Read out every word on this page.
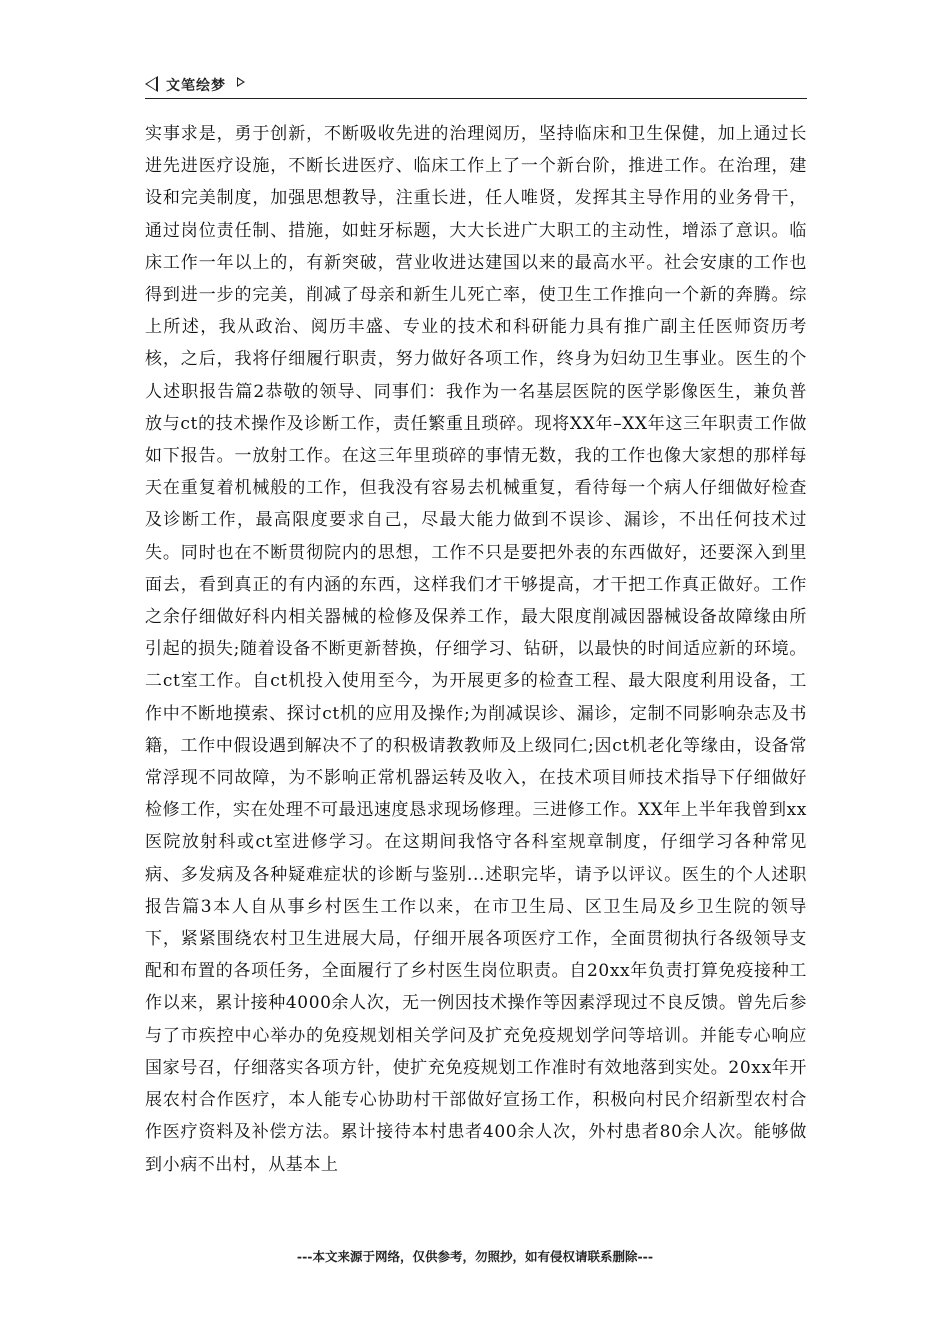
文笔绘梦

实事求是，勇于创新，不断吸收先进的治理阅历，坚持临床和卫生保健，加上通过长进先进医疗设施，不断长进医疗、临床工作上了一个新台阶，推进工作。在治理，建设和完美制度，加强思想教导，注重长进，任人唯贤，发挥其主导作用的业务骨干，通过岗位责任制、措施，如蛀牙标题，大大长进广大职工的主动性，增添了意识。临床工作一年以上的，有新突破，营业收进达建国以来的最高水平。社会安康的工作也得到进一步的完美，削减了母亲和新生儿死亡率，使卫生工作推向一个新的奔腾。综上所述，我从政治、阅历丰盛、专业的技术和科研能力具有推广副主任医师资历考核，之后，我将仔细履行职责，努力做好各项工作，终身为妇幼卫生事业。医生的个人述职报告篇2恭敬的领导、同事们：我作为一名基层医院的医学影像医生，兼负普放与ct的技术操作及诊断工作，责任繁重且琐碎。现将XX年–XX年这三年职责工作做如下报告。一放射工作。在这三年里琐碎的事情无数，我的工作也像大家想的那样每天在重复着机械般的工作，但我没有容易去机械重复，看待每一个病人仔细做好检查及诊断工作，最高限度要求自己，尽最大能力做到不误诊、漏诊，不出任何技术过失。同时也在不断贯彻院内的思想，工作不只是要把外表的东西做好，还要深入到里面去，看到真正的有内涵的东西，这样我们才干够提高，才干把工作真正做好。工作之余仔细做好科内相关器械的检修及保养工作，最大限度削减因器械设备故障缘由所引起的损失;随着设备不断更新替换，仔细学习、钻研，以最快的时间适应新的环境。二ct室工作。自ct机投入使用至今，为开展更多的检查工程、最大限度利用设备，工作中不断地摸索、探讨ct机的应用及操作;为削减误诊、漏诊，定制不同影响杂志及书籍，工作中假设遇到解决不了的积极请教教师及上级同仁;因ct机老化等缘由，设备常常浮现不同故障，为不影响正常机器运转及收入，在技术项目师技术指导下仔细做好检修工作，实在处理不可最迅速度恳求现场修理。三进修工作。XX年上半年我曾到xx医院放射科或ct室进修学习。在这期间我恪守各科室规章制度，仔细学习各种常见病、多发病及各种疑难症状的诊断与鉴别...述职完毕，请予以评议。医生的个人述职报告篇3本人自从事乡村医生工作以来，在市卫生局、区卫生局及乡卫生院的领导下，紧紧围绕农村卫生进展大局，仔细开展各项医疗工作，全面贯彻执行各级领导支配和布置的各项任务，全面履行了乡村医生岗位职责。自20xx年负责打算免疫接种工作以来，累计接种4000余人次，无一例因技术操作等因素浮现过不良反馈。曾先后参与了市疾控中心举办的免疫规划相关学问及扩充免疫规划学问等培训。并能专心响应国家号召，仔细落实各项方针，使扩充免疫规划工作准时有效地落到实处。20xx年开展农村合作医疗，本人能专心协助村干部做好宣扬工作，积极向村民介绍新型农村合作医疗资料及补偿方法。累计接待本村患者400余人次，外村患者80余人次。能够做到小病不出村，从基本上

---本文来源于网络，仅供参考，勿照抄，如有侵权请联系删除---
